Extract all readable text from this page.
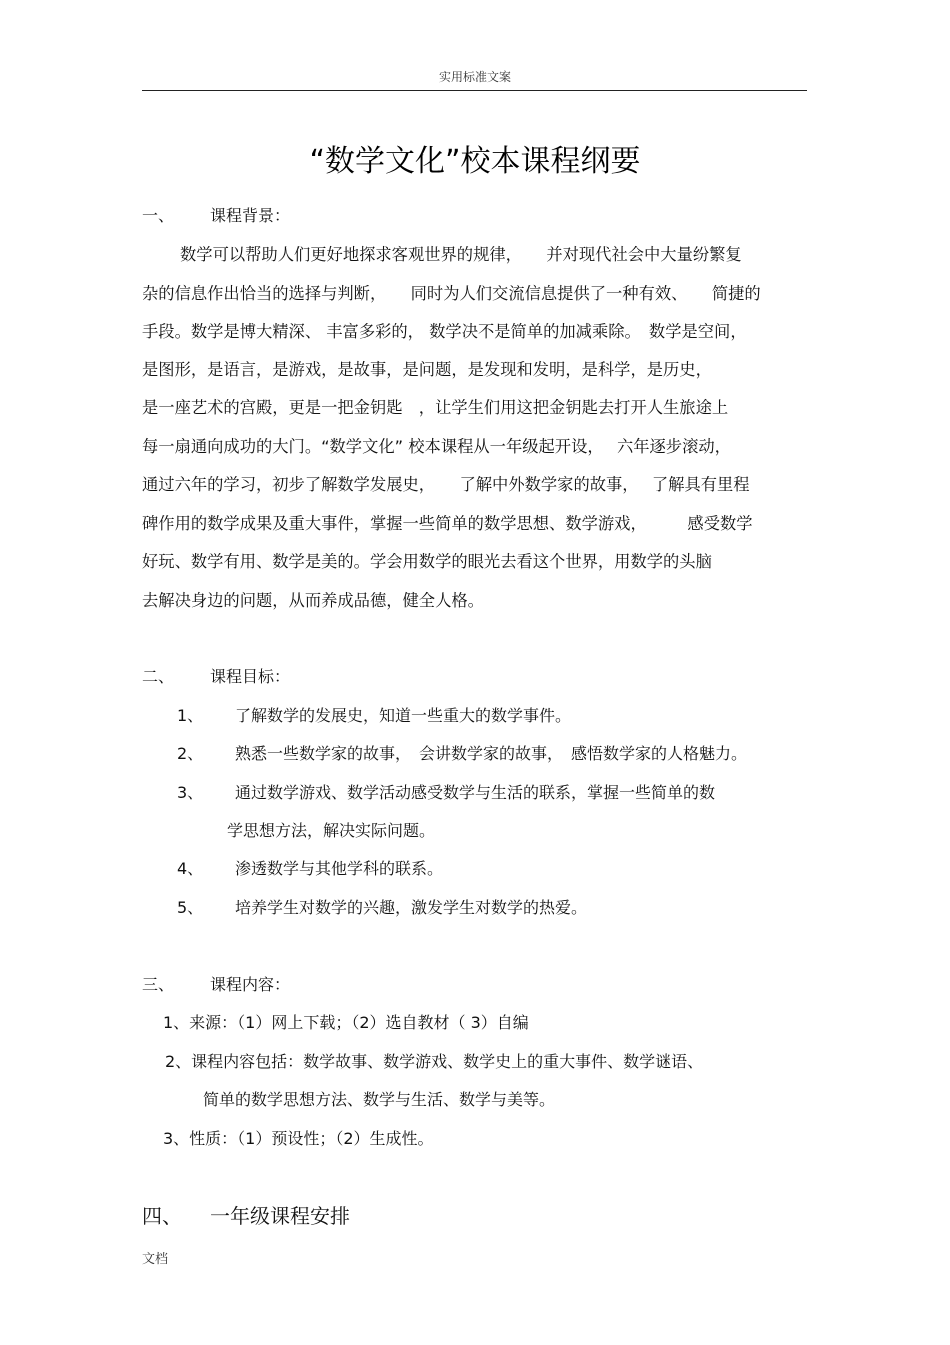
实用标准文案
“数学文化”校本课程纲要
一、 课程背景：
数学可以帮助人们更好地探求客观世界的规律，　　并对现代社会中大量纷繁复
杂的信息作出恰当的选择与判断，　　同时为人们交流信息提供了一种有效、　　简捷的
手段。数学是博大精深、 丰富多彩的， 数学决不是简单的加减乘除。　数学是空间，
是图形，是语言，是游戏，是故事，是问题，是发现和发明，是科学，是历史，
是一座艺术的宫殿，更是一把金钥匙　，让学生们用这把金钥匙去打开人生旅途上
每一扇通向成功的大门。“数学文化” 校本课程从一年级起开设，　 六年逐步滚动，
通过六年的学习，初步了解数学发展史，　　了解中外数学家的故事，　 了解具有里程
碑作用的数学成果及重大事件，掌握一些简单的数学思想、数学游戏，　　　感受数学
好玩、数学有用、数学是美的。学会用数学的眼光去看这个世界，用数学的头脑
去解决身边的问题，从而养成品德，健全人格。
二、 课程目标：
1、 了解数学的发展史，知道一些重大的数学事件。
2、 熟悉一些数学家的故事，　会讲数学家的故事，　感悟数学家的人格魅力。
3、 通过数学游戏、数学活动感受数学与生活的联系，掌握一些简单的数
学思想方法，解决实际问题。
4、 渗透数学与其他学科的联系。
5、 培养学生对数学的兴趣，激发学生对数学的热爱。
三、 课程内容：
1、来源：（1）网上下载；（2）选自教材（ 3）自编
2、课程内容包括：数学故事、数学游戏、数学史上的重大事件、数学谜语、
简单的数学思想方法、数学与生活、数学与美等。
3、性质：（1）预设性；（2）生成性。
四、 一年级课程安排
文档
